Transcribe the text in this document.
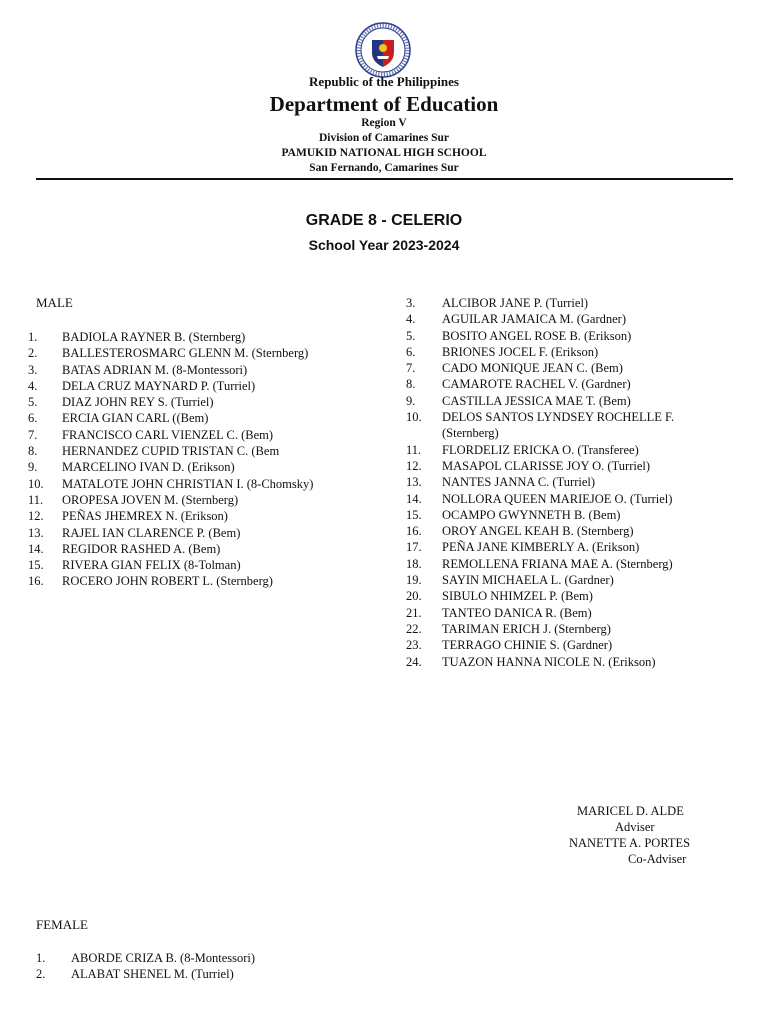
Republic of the Philippines
Department of Education
Region V
Division of Camarines Sur
PAMUKID NATIONAL HIGH SCHOOL
San Fernando, Camarines Sur
GRADE 8 - CELERIO
School Year 2023-2024
MALE
1.	BADIOLA RAYNER B. (Sternberg)
2.	BALLESTEROSMARC GLENN M. (Sternberg)
3.	BATAS ADRIAN M. (8-Montessori)
4.	DELA CRUZ MAYNARD P. (Turriel)
5.	DIAZ JOHN REY S. (Turriel)
6.	ERCIA GIAN CARL ((Bem)
7.	FRANCISCO CARL VIENZEL C. (Bem)
8.	HERNANDEZ CUPID TRISTAN C. (Bem
9.	MARCELINO IVAN D. (Erikson)
10.	MATALOTE JOHN CHRISTIAN I. (8-Chomsky)
11.	OROPESA JOVEN M. (Sternberg)
12.	PEÑAS JHEMREX N. (Erikson)
13.	RAJEL IAN CLARENCE P. (Bem)
14.	REGIDOR RASHED A. (Bem)
15.	RIVERA GIAN FELIX (8-Tolman)
16.	ROCERO JOHN ROBERT L. (Sternberg)
3.	ALCIBOR JANE P. (Turriel)
4.	AGUILAR JAMAICA M. (Gardner)
5.	BOSITO ANGEL ROSE B. (Erikson)
6.	BRIONES JOCEL F. (Erikson)
7.	CADO MONIQUE JEAN C. (Bem)
8.	CAMAROTE RACHEL V. (Gardner)
9.	CASTILLA JESSICA MAE T. (Bem)
10.	DELOS SANTOS LYNDSEY ROCHELLE F. (Sternberg)
11.	FLORDELIZ ERICKA O. (Transferee)
12.	MASAPOL CLARISSE JOY O. (Turriel)
13.	NANTES JANNA C. (Turriel)
14.	NOLLORA QUEEN MARIEJOE O. (Turriel)
15.	OCAMPO GWYNNETH B. (Bem)
16.	OROY ANGEL KEAH B. (Sternberg)
17.	PEÑA JANE KIMBERLY A. (Erikson)
18.	REMOLLENA FRIANA MAE A. (Sternberg)
19.	SAYIN MICHAELA L. (Gardner)
20.	SIBULO NHIMZEL P. (Bem)
21.	TANTEO DANICA R. (Bem)
22.	TARIMAN ERICH J. (Sternberg)
23.	TERRAGO CHINIE S. (Gardner)
24.	TUAZON HANNA NICOLE N. (Erikson)
MARICEL D. ALDE
Adviser
NANETTE A. PORTES
Co-Adviser
FEMALE
1.	ABORDE CRIZA B. (8-Montessori)
2.	ALABAT SHENEL M. (Turriel)
